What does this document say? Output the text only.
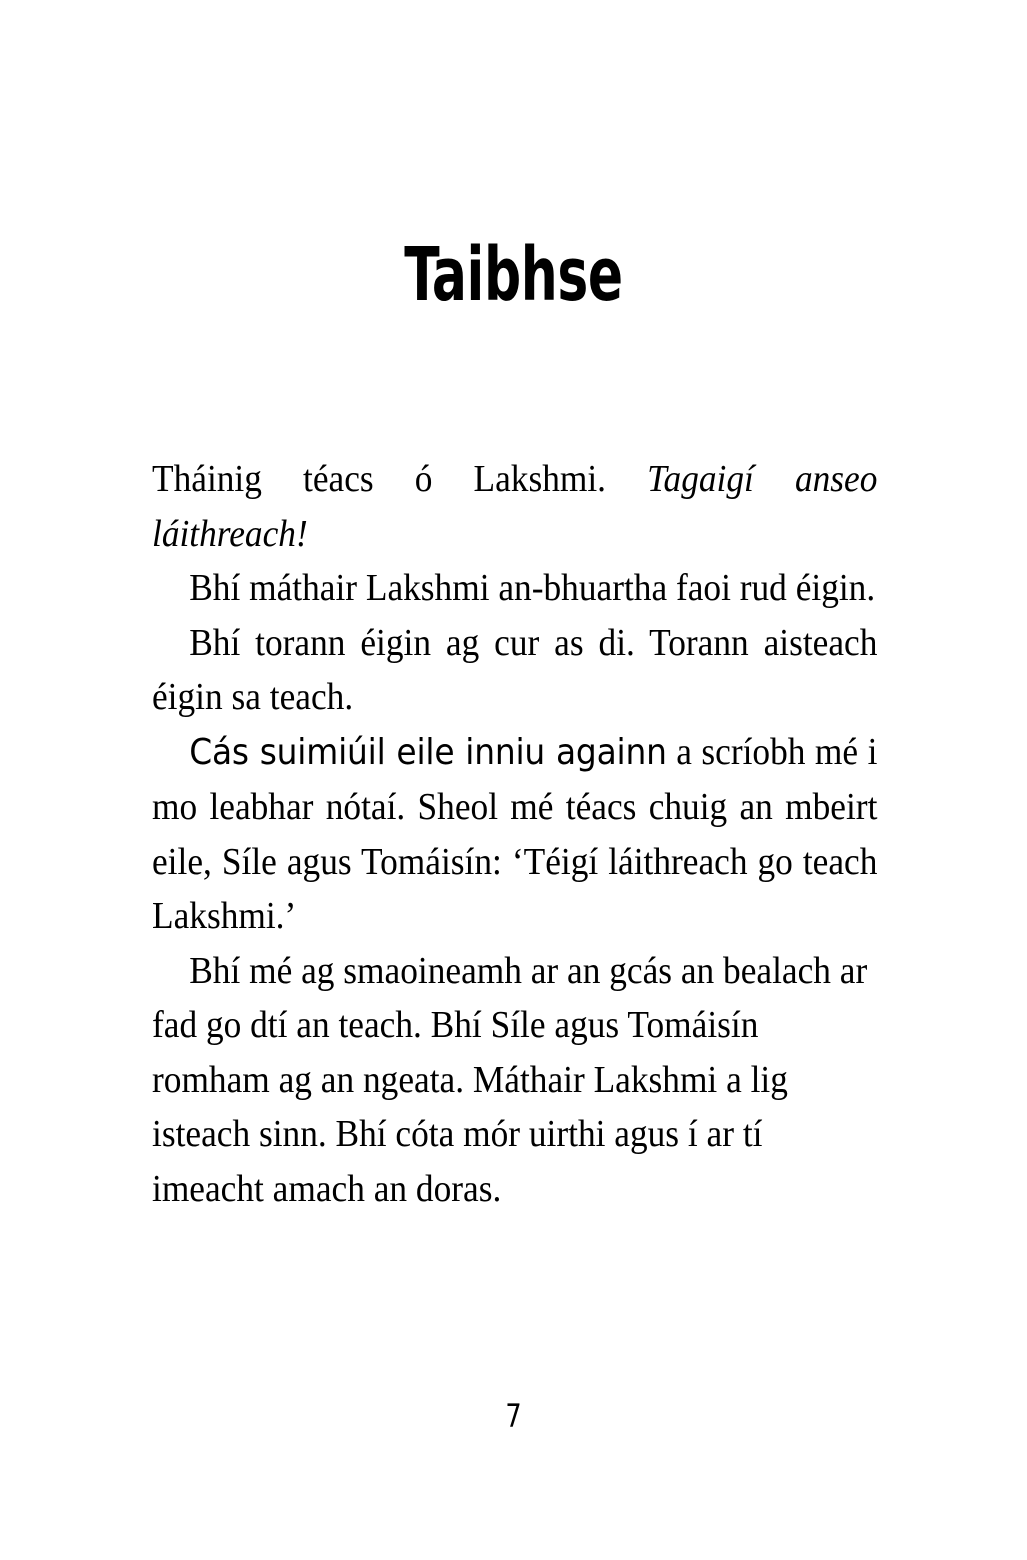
Taibhse

Tháinig téacs ó Lakshmi. Tagaigí anseo láithreach!

Bhí máthair Lakshmi an-bhuartha faoi rud éigin.

Bhí torann éigin ag cur as di. Torann aisteach éigin sa teach.

Cás suimiúil eile inniu againn a scríobh mé i mo leabhar nótaí. Sheol mé téacs chuig an mbeirt eile, Síle agus Tomáisín: ‘Téigí láithreach go teach Lakshmi.’

Bhí mé ag smaoineamh ar an gcás an bealach ar fad go dtí an teach. Bhí Síle agus Tomáisín romham ag an ngeata. Máthair Lakshmi a lig isteach sinn. Bhí cóta mór uirthi agus í ar tí imeacht amach an doras.

7
